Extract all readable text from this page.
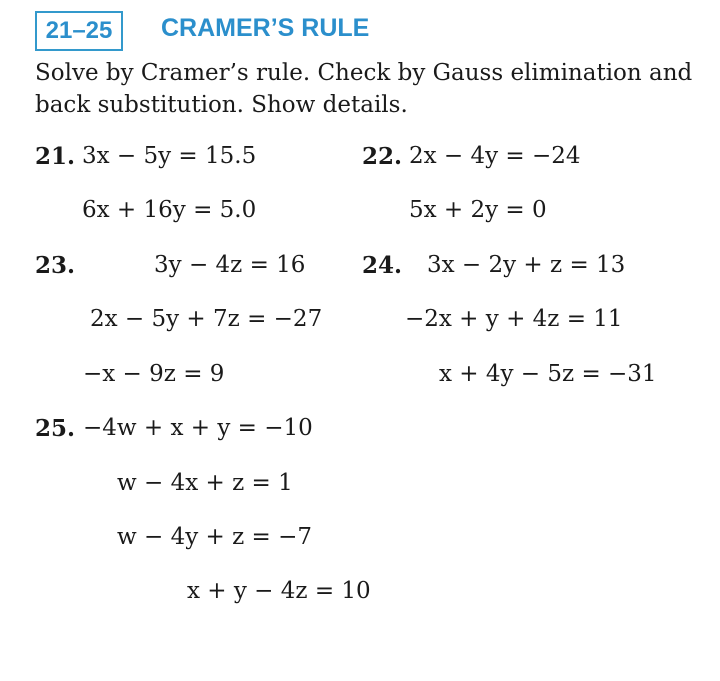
21–25	CRAMER’S RULE
Solve by Cramer’s rule. Check by Gauss elimination and
back substitution. Show details.
21. 3x − 5y = 15.5
6x + 16y = 5.0
22. 2x − 4y = −24
5x + 2y = 0
23.	3y − 4z = 16
2x − 5y + 7z = −27
−x − 9z = 9
24. 3x − 2y + z = 13
−2x + y + 4z = 11
x + 4y − 5z = −31
25. −4w + x + y = −10
w − 4x + z = 1
w − 4y + z = −7
x + y − 4z = 10
